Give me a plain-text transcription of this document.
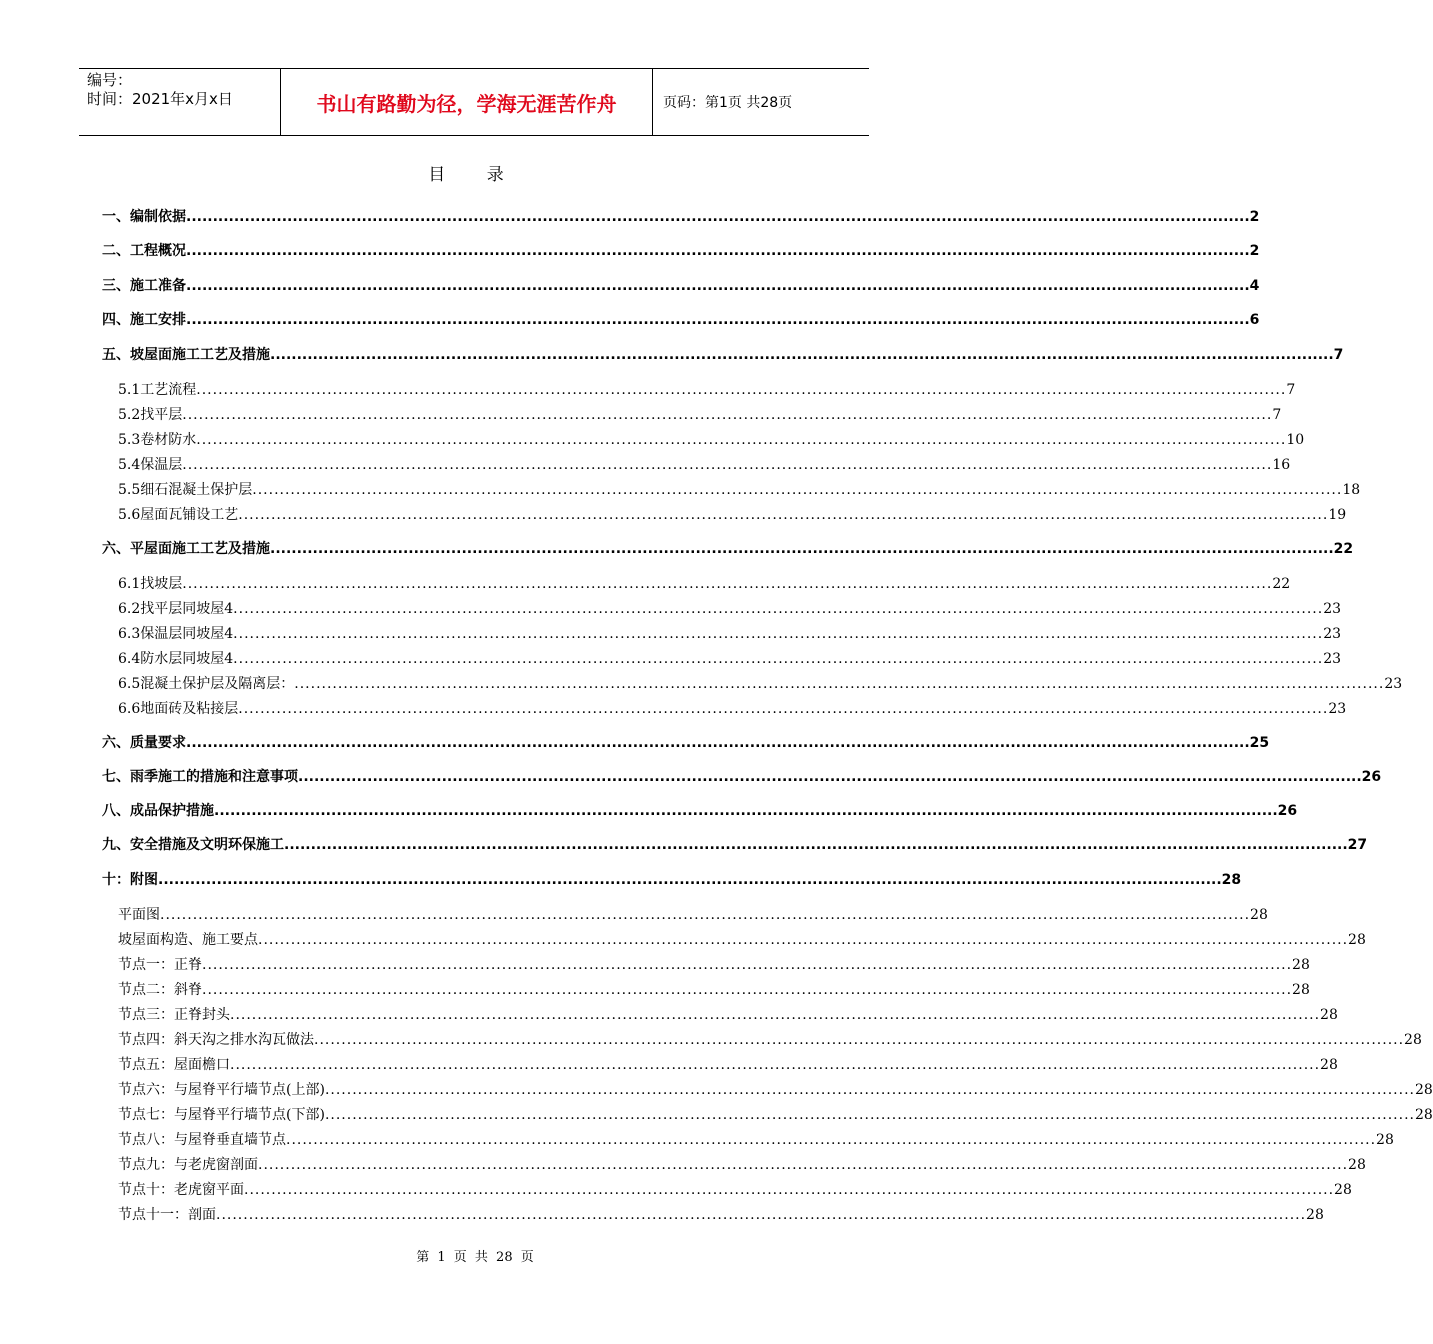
编号：
时间：2021年x月x日	书山有路勤为径，学海无涯苦作舟	页码：第1页 共28页
目 录
一、编制依据 ........................................................................................................................................................................................................ 2
二、工程概况 ........................................................................................................................................................................................................ 2
三、施工准备 ........................................................................................................................................................................................................ 4
四、施工安排 ........................................................................................................................................................................................................ 6
五、坡屋面施工工艺及措施 ........................................................................................................................................................................................................ 7
5.1工艺流程 ........................................................................................................................................................................................................ 7
5.2找平层 ........................................................................................................................................................................................................ 7
5.3卷材防水 ........................................................................................................................................................................................................ 10
5.4保温层 ........................................................................................................................................................................................................ 16
5.5细石混凝土保护层 ........................................................................................................................................................................................................ 18
5.6屋面瓦铺设工艺 ........................................................................................................................................................................................................ 19
六、平屋面施工工艺及措施 ........................................................................................................................................................................................................ 22
6.1找坡层 ........................................................................................................................................................................................................ 22
6.2找平层同坡屋4 ........................................................................................................................................................................................................ 23
6.3保温层同坡屋4 ........................................................................................................................................................................................................ 23
6.4防水层同坡屋4 ........................................................................................................................................................................................................ 23
6.5混凝土保护层及隔离层： ........................................................................................................................................................................................................ 23
6.6地面砖及粘接层 ........................................................................................................................................................................................................ 23
六、质量要求 ........................................................................................................................................................................................................ 25
七、雨季施工的措施和注意事项 ........................................................................................................................................................................................................ 26
八、成品保护措施 ........................................................................................................................................................................................................ 26
九、安全措施及文明环保施工 ........................................................................................................................................................................................................ 27
十：附图 ........................................................................................................................................................................................................ 28
平面图 ........................................................................................................................................................................................................ 28
坡屋面构造、施工要点 ........................................................................................................................................................................................................ 28
节点一：正脊 ........................................................................................................................................................................................................ 28
节点二：斜脊 ........................................................................................................................................................................................................ 28
节点三：正脊封头 ........................................................................................................................................................................................................ 28
节点四：斜天沟之排水沟瓦做法 ........................................................................................................................................................................................................ 28
节点五：屋面檐口 ........................................................................................................................................................................................................ 28
节点六：与屋脊平行墙节点(上部) ........................................................................................................................................................................................................ 28
节点七：与屋脊平行墙节点(下部) ........................................................................................................................................................................................................ 28
节点八：与屋脊垂直墙节点 ........................................................................................................................................................................................................ 28
节点九：与老虎窗剖面 ........................................................................................................................................................................................................ 28
节点十：老虎窗平面 ........................................................................................................................................................................................................ 28
节点十一：剖面 ........................................................................................................................................................................................................ 28
第 1 页 共 28 页
